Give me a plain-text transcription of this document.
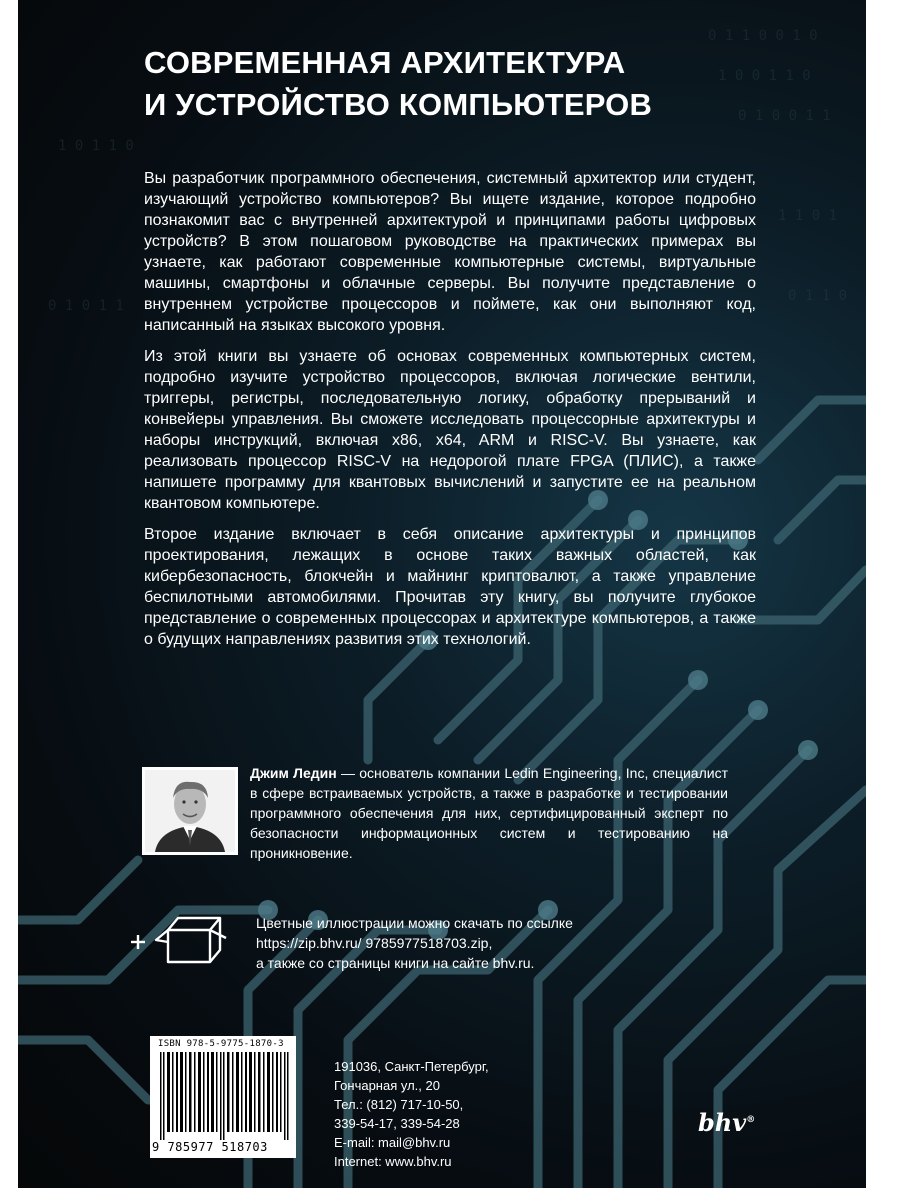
0 1 1 0 0 1 0
1 0 0 1 1 0
0 1 0 0 1 1
1 0 1 1 0
0 1 0 1 1
1 1 0 1
0 1 1 0
СОВРЕМЕННАЯ АРХИТЕКТУРА
И УСТРОЙСТВО КОМПЬЮТЕРОВ

Вы разработчик программного обеспечения, системный архитектор или студент, изучающий устройство компьютеров? Вы ищете издание, которое подробно познакомит вас с внутренней архитектурой и принципами работы цифровых устройств? В этом пошаговом руководстве на практических примерах вы узнаете, как работают современные компьютерные системы, виртуальные машины, смартфоны и облачные серверы. Вы получите представление о внутреннем устройстве процессоров и поймете, как они выполняют код, написанный на языках высокого уровня.

Из этой книги вы узнаете об основах современных компьютерных систем, подробно изучите устройство процессоров, включая логические вентили, триггеры, регистры, последовательную логику, обработку прерываний и конвейеры управления. Вы сможете исследовать процессорные архитектуры и наборы инструкций, включая x86, x64, ARM и RISC-V. Вы узнаете, как реализовать процессор RISC-V на недорогой плате FPGA (ПЛИС), а также напишете программу для квантовых вычислений и запустите ее на реальном квантовом компьютере.

Второе издание включает в себя описание архитектуры и принципов проектирования, лежащих в основе таких важных областей, как кибербезопасность, блокчейн и майнинг криптовалют, а также управление беспилотными автомобилями. Прочитав эту книгу, вы получите глубокое представление о современных процессорах и архитектуре компьютеров, а также о будущих направлениях развития этих технологий.

Джим Ледин — основатель компании Ledin Engineering, Inc, специалист в сфере встраиваемых устройств, а также в разработке и тестировании программного обеспечения для них, сертифицированный эксперт по безопасности информационных систем и тестированию на проникновение.
Цветные иллюстрации можно скачать по ссылке
https://zip.bhv.ru/ 9785977518703.zip,
а также со страницы книги на сайте bhv.ru.
ISBN 978-5-9775-1870-3
9 785977 518703
191036, Санкт-Петербург,
Гончарная ул., 20
Тел.: (812) 717-10-50,
339-54-17, 339-54-28
E-mail: mail@bhv.ru
Internet: www.bhv.ru
bhv®
